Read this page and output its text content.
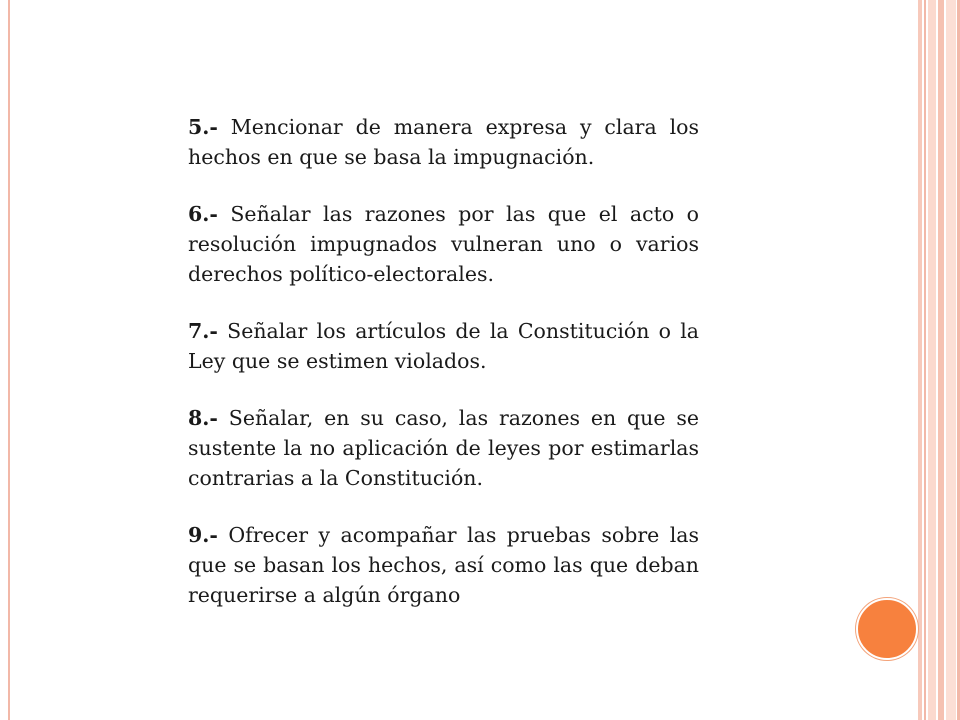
5.- Mencionar de manera expresa y clara los hechos en que se basa la impugnación.

6.- Señalar las razones por las que el acto o resolución impugnados vulneran uno o varios derechos político-electorales.

7.- Señalar los artículos de la Constitución o la Ley que se estimen violados.

8.- Señalar, en su caso, las razones en que se sustente la no aplicación de leyes por estimarlas contrarias a la Constitución.

9.- Ofrecer y acompañar las pruebas sobre las que se basan los hechos, así como las que deban requerirse a algún órgano
